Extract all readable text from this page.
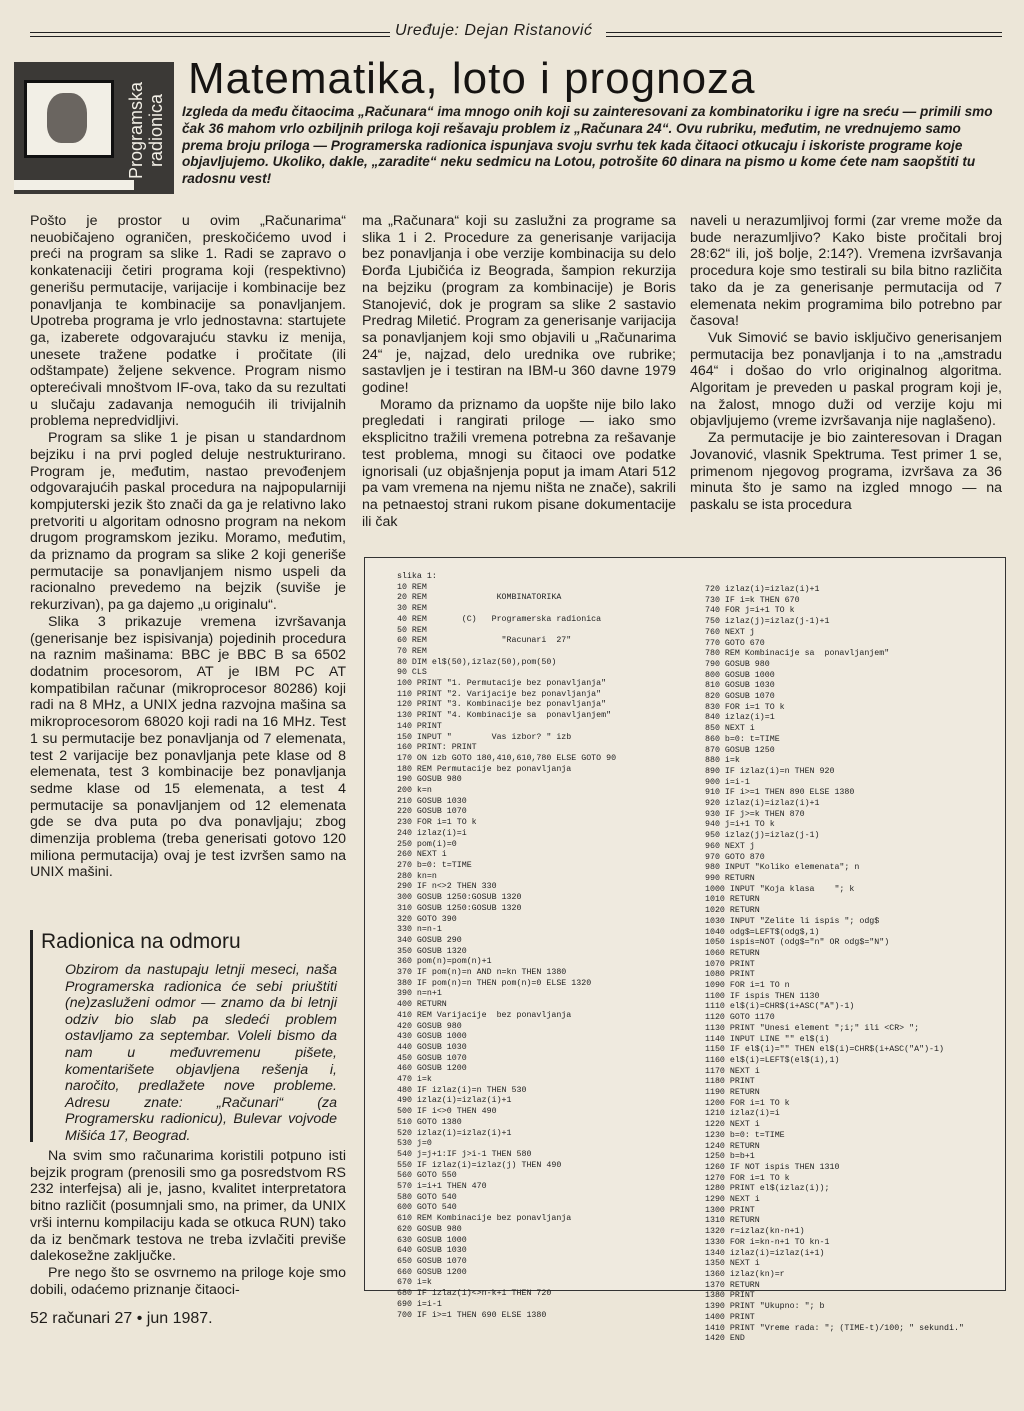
Uređuje: Dejan Ristanović
Programska
radionica
Matematika, loto i prognoza
Izgleda da među čitaocima „Računara“ ima mnogo onih koji su zainteresovani za kombinatoriku i igre na sreću — primili smo čak 36 mahom vrlo ozbiljnih priloga koji rešavaju problem iz „Računara 24“. Ovu rubriku, međutim, ne vrednujemo samo prema broju priloga — Programerska radionica ispunjava svoju svrhu tek kada čitaoci otkucaju i iskoriste programe koje objavljujemo. Ukoliko, dakle, „zaradite“ neku sedmicu na Lotou, potrošite 60 dinara na pismo u kome ćete nam saopštiti tu radosnu vest!

Pošto je prostor u ovim „Računarima“ neuobičajeno ograničen, preskočićemo uvod i preći na program sa slike 1. Radi se zapravo o konkatenaciji četiri programa koji (respektivno) generišu permutacije, varijacije i kombinacije bez ponavljanja te kombinacije sa ponavljanjem. Upotreba programa je vrlo jednostavna: startujete ga, izaberete odgovarajuću stavku iz menija, unesete tražene podatke i pročitate (ili odštampate) željene sekvence. Program nismo opterećivali mnoštvom IF-ova, tako da su rezultati u slučaju zadavanja nemogućih ili trivijalnih problema nepredvidljivi.

Program sa slike 1 je pisan u standardnom bejziku i na prvi pogled deluje nestrukturirano. Program je, međutim, nastao prevođenjem odgovarajućih paskal procedura na najpopularniji kompjuterski jezik što znači da ga je relativno lako pretvoriti u algoritam odnosno program na nekom drugom programskom jeziku. Moramo, međutim, da priznamo da program sa slike 2 koji generiše permutacije sa ponavljanjem nismo uspeli da racionalno prevedemo na bejzik (suviše je rekurzivan), pa ga dajemo „u originalu“.

Slika 3 prikazuje vremena izvršavanja (generisanje bez ispisivanja) pojedinih procedura na raznim mašinama: BBC je BBC B sa 6502 dodatnim procesorom, AT je IBM PC AT kompatibilan računar (mikroprocesor 80286) koji radi na 8 MHz, a UNIX jedna razvojna mašina sa mikroprocesorom 68020 koji radi na 16 MHz. Test 1 su permutacije bez ponavljanja od 7 elemenata, test 2 varijacije bez ponavljanja pete klase od 8 elemenata, test 3 kombinacije bez ponavljanja sedme klase od 15 elemenata, a test 4 permutacije sa ponavljanjem od 12 elemenata gde se dva puta po dva ponavljaju; zbog dimenzija problema (treba generisati gotovo 120 miliona permutacija) ovaj je test izvršen samo na UNIX mašini.

Radionica na odmoru
Obzirom da nastupaju letnji meseci, naša Programerska radionica će sebi priuštiti (ne)zasluženi odmor — znamo da bi letnji odziv bio slab pa sledeći problem ostavljamo za septembar. Voleli bismo da nam u međuvremenu pišete, komentarišete objavljena rešenja i, naročito, predlažete nove probleme. Adresu znate: „Računari“ (za Programersku radionicu), Bulevar vojvode Mišića 17, Beograd.

Na svim smo računarima koristili potpuno isti bejzik program (prenosili smo ga posredstvom RS 232 interfejsa) ali je, jasno, kvalitet interpretatora bitno različit (posumnjali smo, na primer, da UNIX vrši internu kompilaciju kada se otkuca RUN) tako da iz benčmark testova ne treba izvlačiti previše dalekosežne zaključke.

Pre nego što se osvrnemo na priloge koje smo dobili, odaćemo priznanje čitaoci-

ma „Računara“ koji su zaslužni za programe sa slika 1 i 2. Procedure za generisanje varijacija bez ponavljanja i obe verzije kombinacija su delo Đorđa Ljubičića iz Beograda, šampion rekurzija na bejziku (program za kombinacije) je Boris Stanojević, dok je program sa slike 2 sastavio Predrag Miletić. Program za generisanje varijacija sa ponavljanjem koji smo objavili u „Računarima 24“ je, najzad, delo urednika ove rubrike; sastavljen je i testiran na IBM-u 360 davne 1979 godine!

Moramo da priznamo da uopšte nije bilo lako pregledati i rangirati priloge — iako smo eksplicitno tražili vremena potrebna za rešavanje test problema, mnogi su čitaoci ove podatke ignorisali (uz objašnjenja poput ja imam Atari 512 pa vam vremena na njemu ništa ne znače), sakrili na petnaestoj strani rukom pisane dokumentacije ili čak

naveli u nerazumljivoj formi (zar vreme može da bude nerazumljivo? Kako biste pročitali broj 28:62“ ili, još bolje, 2:14?). Vremena izvršavanja procedura koje smo testirali su bila bitno različita tako da je za generisanje permutacija od 7 elemenata nekim programima bilo potrebno par časova!

Vuk Simović se bavio isključivo generisanjem permutacija bez ponavljanja i to na „amstradu 464“ i došao do vrlo originalnog algoritma. Algoritam je preveden u paskal program koji je, na žalost, mnogo duži od verzije koju mi objavljujemo (vreme izvršavanja nije naglašeno).

Za permutacije je bio zainteresovan i Dragan Jovanović, vlasnik Spektruma. Test primer 1 se, primenom njegovog programa, izvršava za 36 minuta što je samo na izgled mnogo — na paskalu se ista procedura

slika 1:
10 REM
20 REM              KOMBINATORIKA
30 REM
40 REM       (C)   Programerska radionica
50 REM
60 REM               "Racunari  27"
70 REM
80 DIM el$(50),izlaz(50),pom(50)
90 CLS
100 PRINT "1. Permutacije bez ponavljanja"
110 PRINT "2. Varijacije bez ponavljanja"
120 PRINT "3. Kombinacije bez ponavljanja"
130 PRINT "4. Kombinacije sa  ponavljanjem"
140 PRINT
150 INPUT "        Vas izbor? " izb
160 PRINT: PRINT
170 ON izb GOTO 180,410,610,780 ELSE GOTO 90
180 REM Permutacije bez ponavljanja
190 GOSUB 980
200 k=n
210 GOSUB 1030
220 GOSUB 1070
230 FOR i=1 TO k
240 izlaz(i)=i
250 pom(i)=0
260 NEXT i
270 b=0: t=TIME
280 kn=n
290 IF n<>2 THEN 330
300 GOSUB 1250:GOSUB 1320
310 GOSUB 1250:GOSUB 1320
320 GOTO 390
330 n=n-1
340 GOSUB 290
350 GOSUB 1320
360 pom(n)=pom(n)+1
370 IF pom(n)=n AND n=kn THEN 1380
380 IF pom(n)=n THEN pom(n)=0 ELSE 1320
390 n=n+1
400 RETURN
410 REM Varijacije  bez ponavljanja
420 GOSUB 980
430 GOSUB 1000
440 GOSUB 1030
450 GOSUB 1070
460 GOSUB 1200
470 i=k
480 IF izlaz(i)=n THEN 530
490 izlaz(i)=izlaz(i)+1
500 IF i<>0 THEN 490
510 GOTO 1380
520 izlaz(i)=izlaz(i)+1
530 j=0
540 j=j+1:IF j>i-1 THEN 580
550 IF izlaz(i)=izlaz(j) THEN 490
560 GOTO 550
570 i=i+1 THEN 470
580 GOTO 540
600 GOTO 540
610 REM Kombinacije bez ponavljanja
620 GOSUB 980
630 GOSUB 1000
640 GOSUB 1030
650 GOSUB 1070
660 GOSUB 1200
670 i=k
680 IF izlaz(i)<>n-k+i THEN 720
690 i=i-1
700 IF i>=1 THEN 690 ELSE 1380
720 izlaz(i)=izlaz(i)+1
730 IF i=k THEN 670
740 FOR j=i+1 TO k
750 izlaz(j)=izlaz(j-1)+1
760 NEXT j
770 GOTO 670
780 REM Kombinacije sa  ponavljanjem"
790 GOSUB 980
800 GOSUB 1000
810 GOSUB 1030
820 GOSUB 1070
830 FOR i=1 TO k
840 izlaz(i)=1
850 NEXT i
860 b=0: t=TIME
870 GOSUB 1250
880 i=k
890 IF izlaz(i)=n THEN 920
900 i=i-1
910 IF i>=1 THEN 890 ELSE 1380
920 izlaz(i)=izlaz(i)+1
930 IF j>=k THEN 870
940 j=i+1 TO k
950 izlaz(j)=izlaz(j-1)
960 NEXT j
970 GOTO 870
980 INPUT "Koliko elemenata"; n
990 RETURN
1000 INPUT "Koja klasa    "; k
1010 RETURN
1020 RETURN
1030 INPUT "Zelite li ispis "; odg$
1040 odg$=LEFT$(odg$,1)
1050 ispis=NOT (odg$="n" OR odg$="N")
1060 RETURN
1070 PRINT
1080 PRINT
1090 FOR i=1 TO n
1100 IF ispis THEN 1130
1110 el$(i)=CHR$(i+ASC("A")-1)
1120 GOTO 1170
1130 PRINT "Unesi element ";i;" ili <CR> ";
1140 INPUT LINE "" el$(i)
1150 IF el$(i)="" THEN el$(i)=CHR$(i+ASC("A")-1)
1160 el$(i)=LEFT$(el$(i),1)
1170 NEXT i
1180 PRINT
1190 RETURN
1200 FOR i=1 TO k
1210 izlaz(i)=i
1220 NEXT i
1230 b=0: t=TIME
1240 RETURN
1250 b=b+1
1260 IF NOT ispis THEN 1310
1270 FOR i=1 TO k
1280 PRINT el$(izlaz(i));
1290 NEXT i
1300 PRINT
1310 RETURN
1320 r=izlaz(kn-n+1)
1330 FOR i=kn-n+1 TO kn-1
1340 izlaz(i)=izlaz(i+1)
1350 NEXT i
1360 izlaz(kn)=r
1370 RETURN
1380 PRINT
1390 PRINT "Ukupno: "; b
1400 PRINT
1410 PRINT "Vreme rada: "; (TIME-t)/100; " sekundi."
1420 END
52 računari 27 • jun 1987.
